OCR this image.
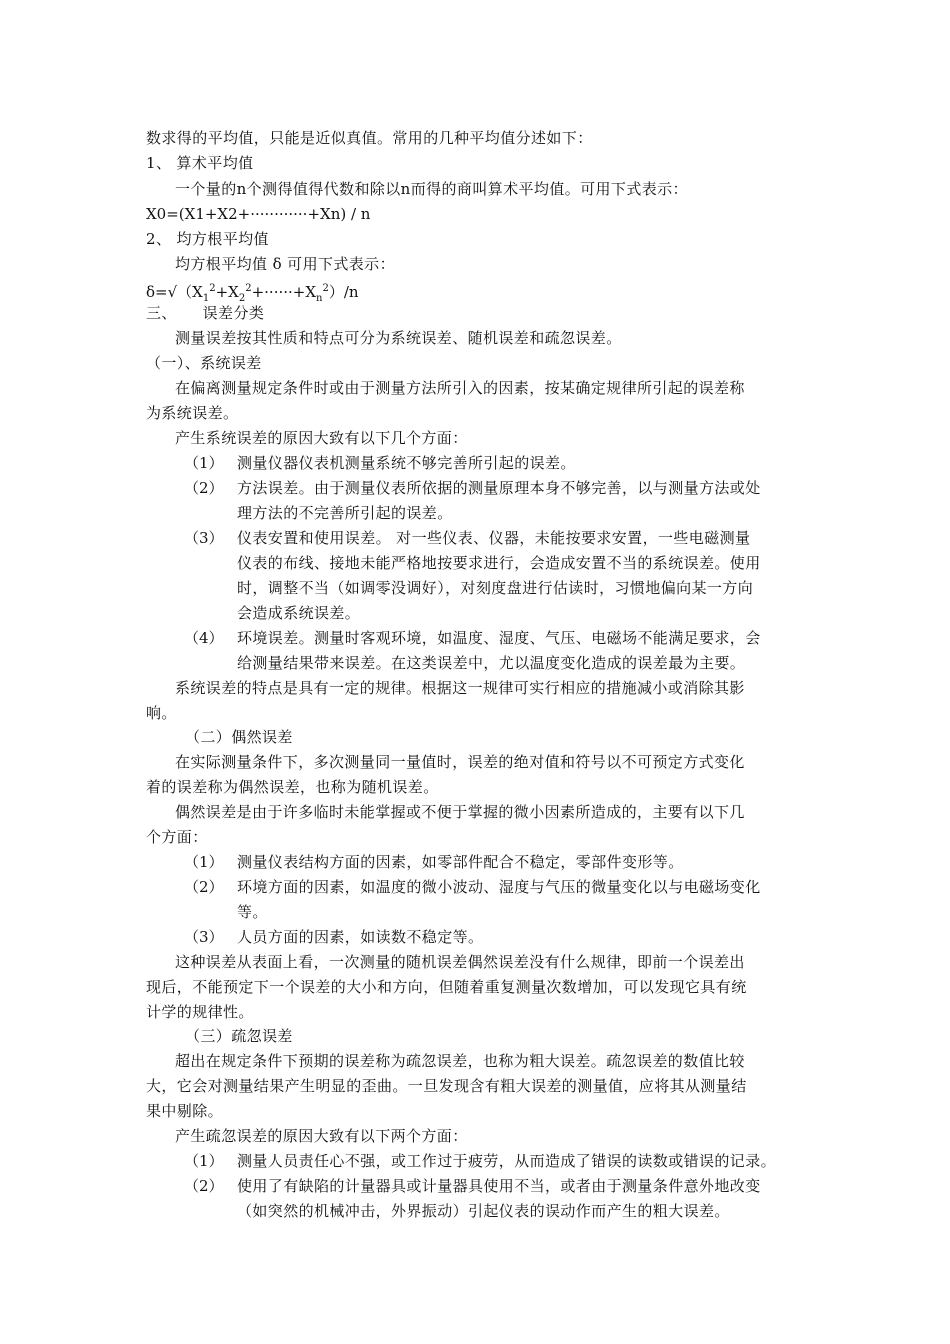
数求得的平均值，只能是近似真值。常用的几种平均值分述如下：
1、 算术平均值
一个量的n个测得值得代数和除以n而得的商叫算术平均值。可用下式表示：
X0=(X1+X2+············+Xn) / n
2、 均方根平均值
均方根平均值 δ 可用下式表示：
$\delta=√(X_1^2+X_2^2+\cdot\cdot\cdot\cdot\cdot\cdot+X_n^2)/n$
三、     误差分类
测量误差按其性质和特点可分为系统误差、随机误差和疏忽误差。
（一）、系统误差
在偏离测量规定条件时或由于测量方法所引入的因素，按某确定规律所引起的误差称
为系统误差。
产生系统误差的原因大致有以下几个方面：
（1） 测量仪器仪表机测量系统不够完善所引起的误差。
（2） 方法误差。由于测量仪表所依据的测量原理本身不够完善，以与测量方法或处
理方法的不完善所引起的误差。
（3） 仪表安置和使用误差。 对一些仪表、仪器，未能按要求安置，一些电磁测量
仪表的布线、接地未能严格地按要求进行，会造成安置不当的系统误差。使用
时，调整不当（如调零没调好），对刻度盘进行估读时，习惯地偏向某一方向
会造成系统误差。
（4） 环境误差。测量时客观环境，如温度、湿度、气压、电磁场不能满足要求，会
给测量结果带来误差。在这类误差中，尤以温度变化造成的误差最为主要。
系统误差的特点是具有一定的规律。根据这一规律可实行相应的措施减小或消除其影
响。
（二）偶然误差
在实际测量条件下，多次测量同一量值时，误差的绝对值和符号以不可预定方式变化
着的误差称为偶然误差，也称为随机误差。
偶然误差是由于许多临时未能掌握或不便于掌握的微小因素所造成的，主要有以下几
个方面：
（1） 测量仪表结构方面的因素，如零部件配合不稳定，零部件变形等。
（2） 环境方面的因素，如温度的微小波动、湿度与气压的微量变化以与电磁场变化
等。
（3） 人员方面的因素，如读数不稳定等。
这种误差从表面上看，一次测量的随机误差偶然误差没有什么规律，即前一个误差出
现后，不能预定下一个误差的大小和方向，但随着重复测量次数增加，可以发现它具有统
计学的规律性。
（三）疏忽误差
超出在规定条件下预期的误差称为疏忽误差，也称为粗大误差。疏忽误差的数值比较
大，它会对测量结果产生明显的歪曲。一旦发现含有粗大误差的测量值，应将其从测量结
果中剔除。
产生疏忽误差的原因大致有以下两个方面：
（1） 测量人员责任心不强，或工作过于疲劳，从而造成了错误的读数或错误的记录。
（2） 使用了有缺陷的计量器具或计量器具使用不当，或者由于测量条件意外地改变
（如突然的机械冲击，外界振动）引起仪表的误动作而产生的粗大误差。
